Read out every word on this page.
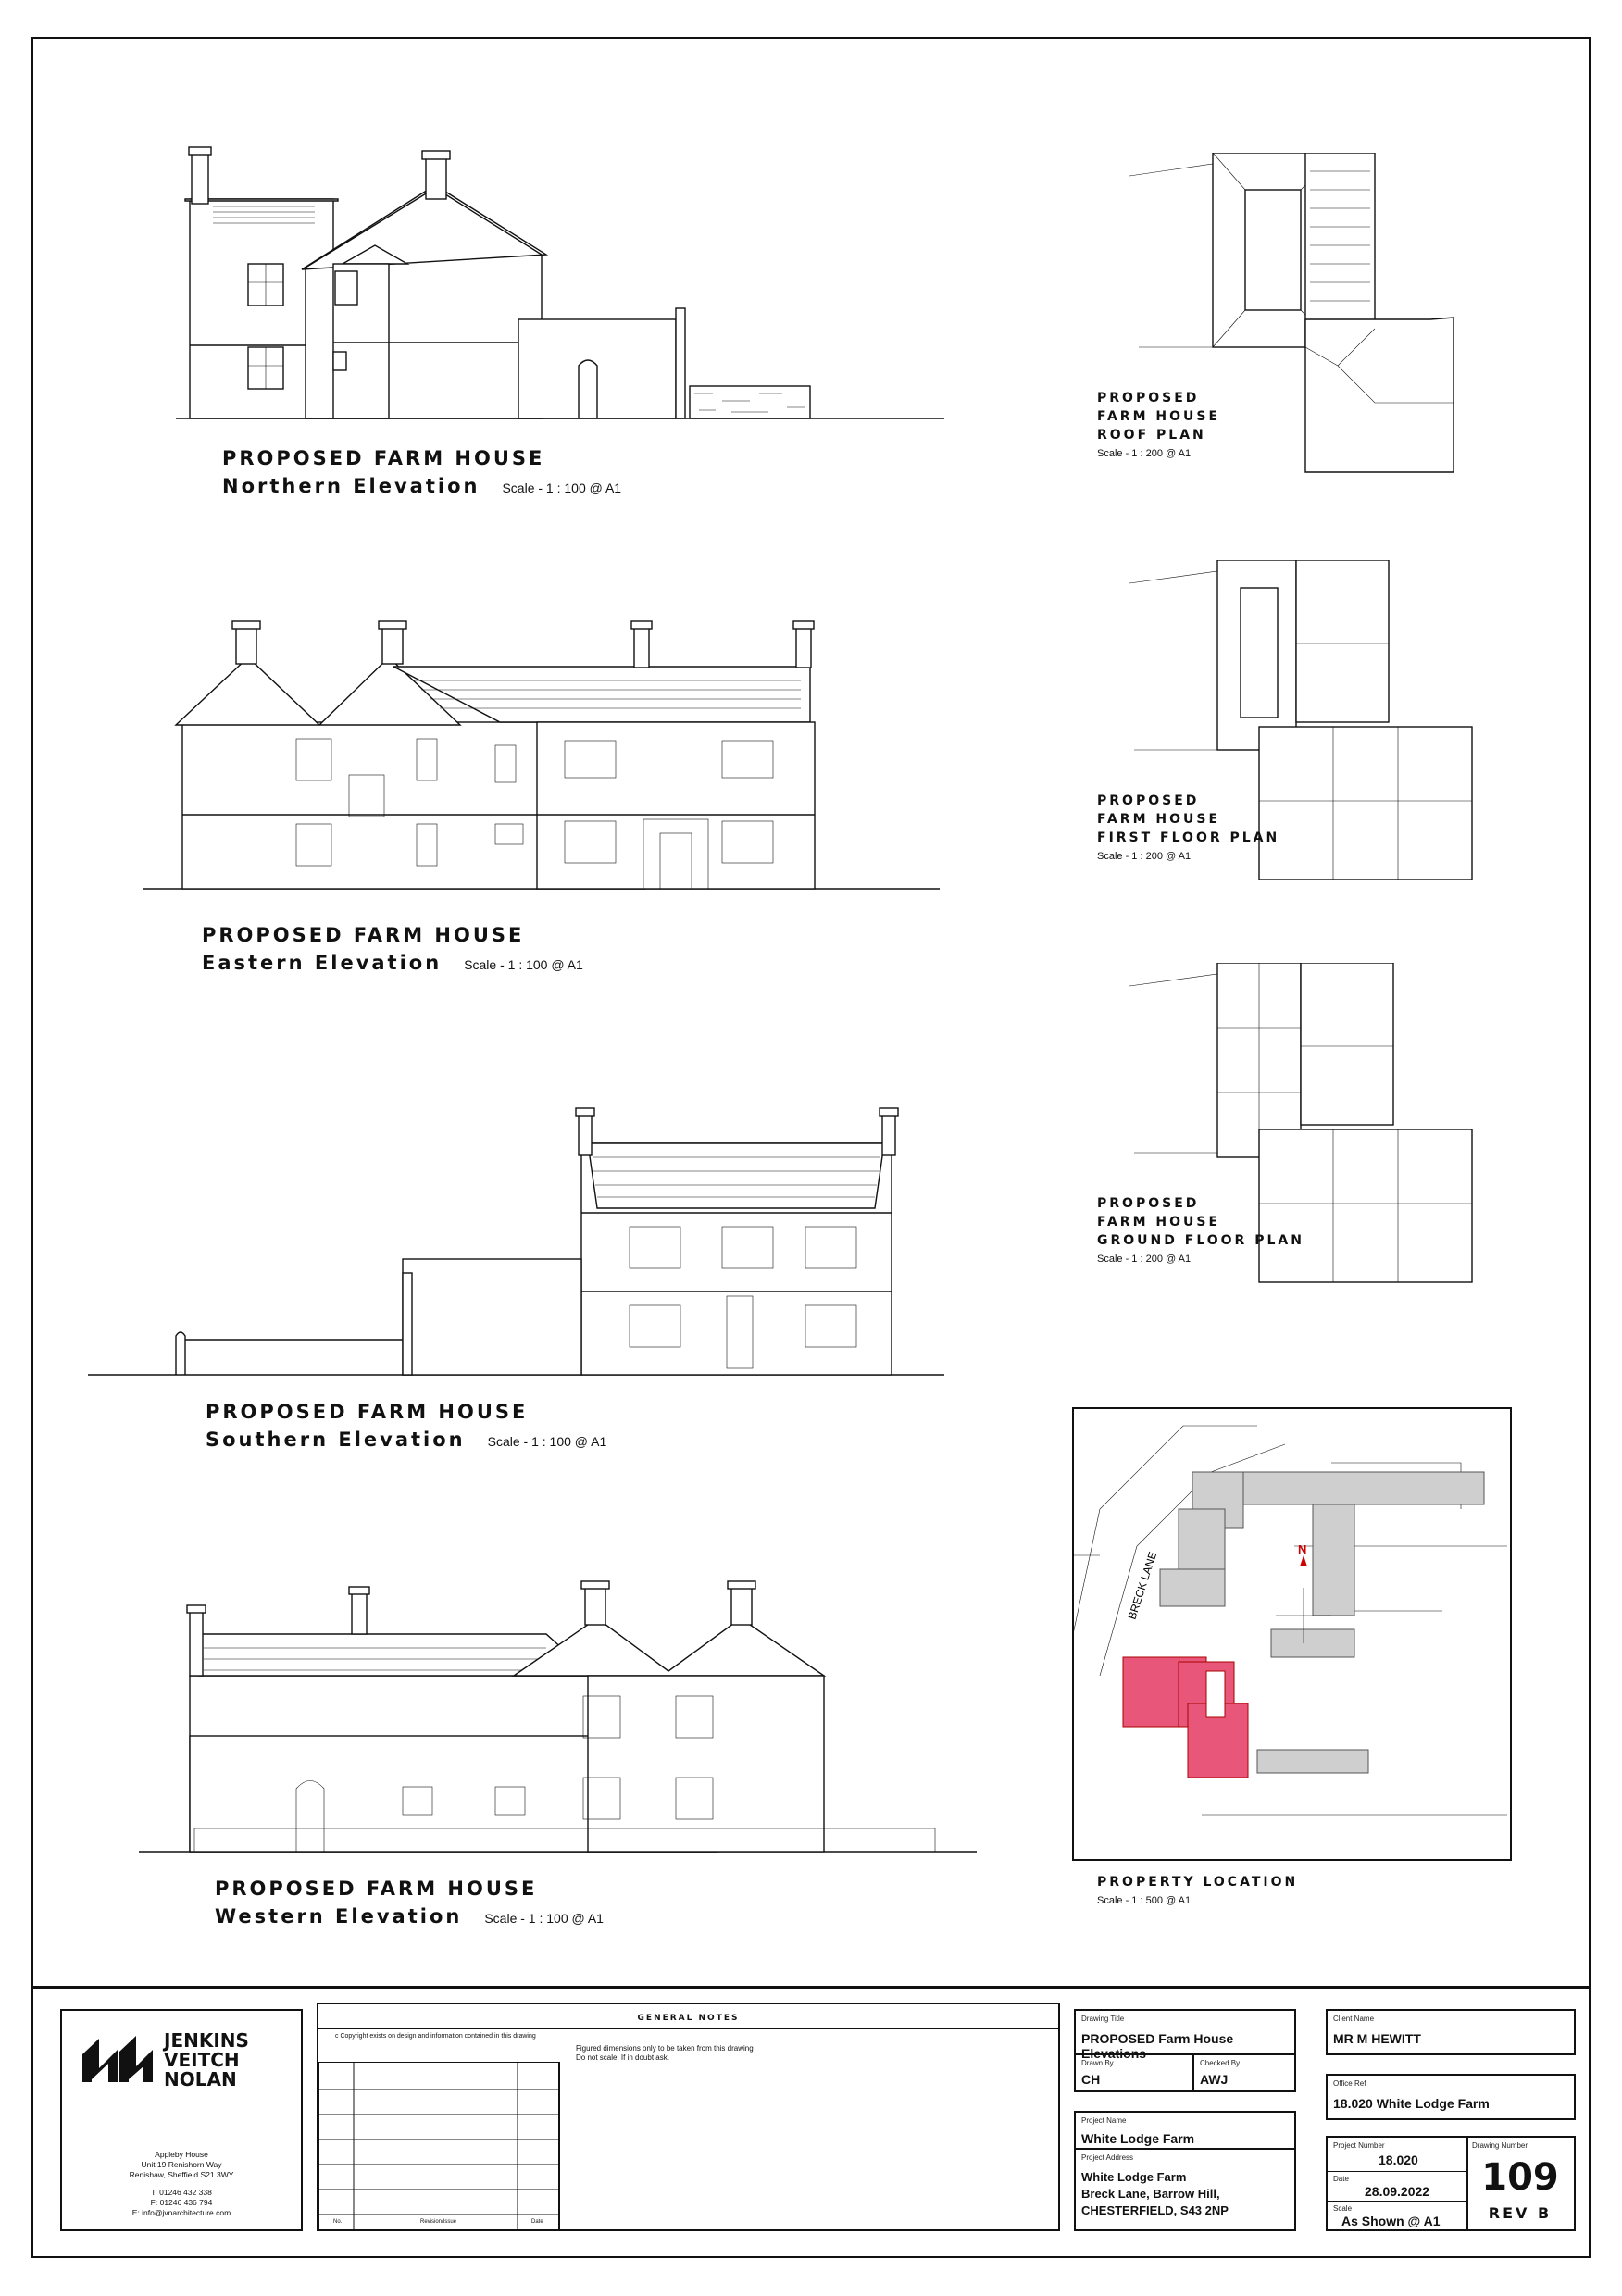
PROPOSED FARM HOUSE
Northern Elevation Scale - 1 : 100 @ A1
PROPOSED FARM HOUSE
Eastern Elevation Scale - 1 : 100 @ A1
PROPOSED FARM HOUSE
Southern Elevation Scale - 1 : 100 @ A1
PROPOSED FARM HOUSE
Western Elevation Scale - 1 : 100 @ A1
PROPOSED
FARM HOUSE
ROOF PLAN
Scale - 1 : 200 @ A1
PROPOSED
FARM HOUSE
FIRST FLOOR PLAN
Scale - 1 : 200 @ A1
PROPOSED
FARM HOUSE
GROUND FLOOR PLAN
Scale - 1 : 200 @ A1
N
BRECK LANE
PROPERTY LOCATION
Scale - 1 : 500 @ A1
JENKINS
VEITCH
NOLAN
Appleby House
Unit 19 Renishorn Way
Renishaw, Sheffield S21 3WY
T: 01246 432 338
F: 01246 436 794
E: info@jvnarchitecture.com
GENERAL NOTES
c Copyright exists on design and information contained in this drawing
Figured dimensions only to be taken from this drawing
Do not scale. If in doubt ask.
No.	Revision/Issue	Date
Drawing Title
PROPOSED Farm House Elevations
Drawn By
CH
Checked By
AWJ
Project Name
White Lodge Farm
Project Address
White Lodge Farm
Breck Lane, Barrow Hill,
CHESTERFIELD, S43 2NP
Client Name
MR M HEWITT
Office Ref
18.020 White Lodge Farm
Project Number
18.020
Date
28.09.2022
Scale
As Shown @ A1
Drawing Number
109
REV B
